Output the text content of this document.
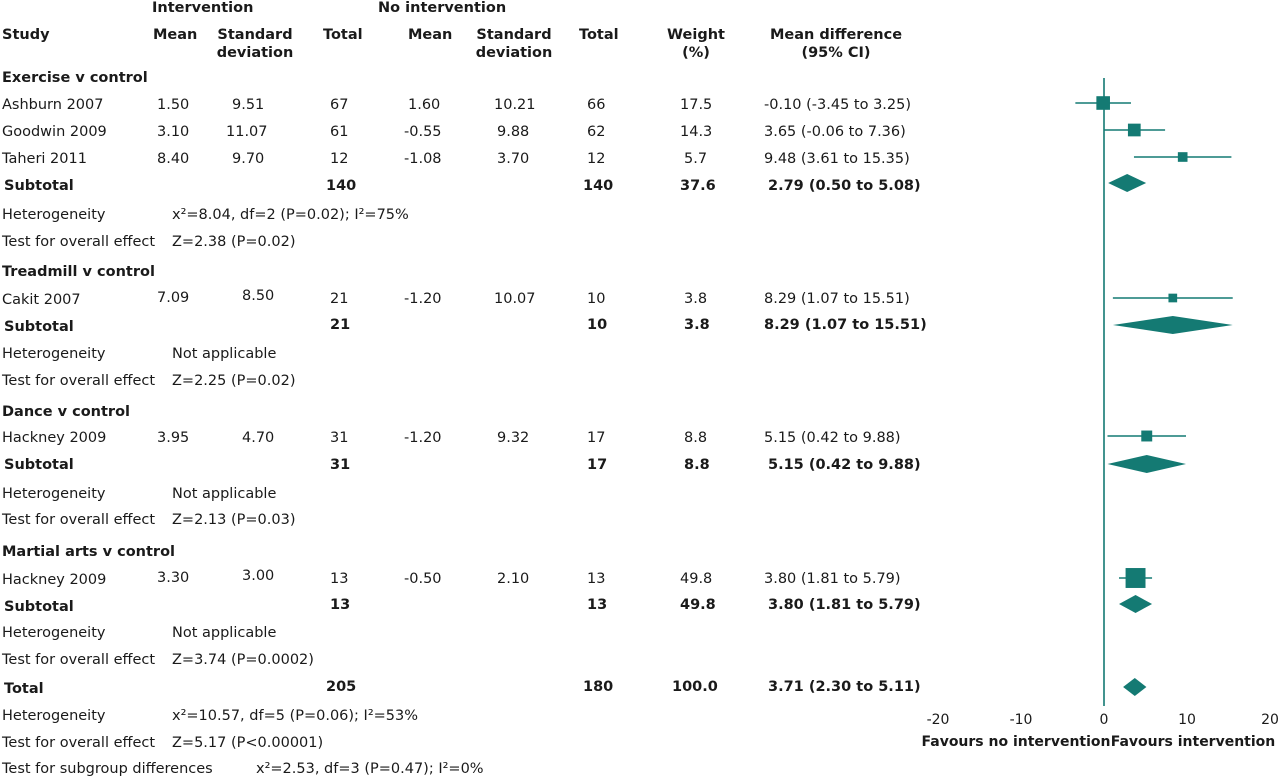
Intervention	No intervention
Study	Mean	Standard
deviation
Total	Mean	Standard
deviation
Total	Weight
(%)
Mean difference
(95% CI)
Exercise v control
Ashburn 2007	1.50	9.51	67	1.60	10.21	66	17.5	-0.10 (-3.45 to 3.25)
Goodwin 2009	3.10	11.07	61	-0.55	9.88	62	14.3	3.65 (-0.06 to 7.36)
Taheri 2011	8.40	9.70	12	-1.08	3.70	12	5.7	9.48 (3.61 to 15.35)
Subtotal	140	140	37.6	2.79 (0.50 to 5.08)
Heterogeneity	x²=8.04, df=2 (P=0.02); I²=75%
Test for overall effect Z=2.38 (P=0.02)
Treadmill v control
Cakit 2007	7.09	8.50	21	-1.20	10.07	10	3.8	8.29 (1.07 to 15.51)
Subtotal	21	10	3.8	8.29 (1.07 to 15.51)
Heterogeneity	Not applicable
Test for overall effect Z=2.25 (P=0.02)
Dance v control
Hackney 2009	3.95	4.70	31	-1.20	9.32	17	8.8	5.15 (0.42 to 9.88)
Subtotal	31	17	8.8	5.15 (0.42 to 9.88)
Heterogeneity	Not applicable
Test for overall effect Z=2.13 (P=0.03)
Martial arts v control
Hackney 2009	3.30	3.00	13	-0.50	2.10	13	49.8	3.80 (1.81 to 5.79)
Subtotal	13	13	49.8	3.80 (1.81 to 5.79)
Heterogeneity	Not applicable
Test for overall effect Z=3.74 (P=0.0002)
Total	205	180	100.0	3.71 (2.30 to 5.11)
Heterogeneity	x²=10.57, df=5 (P=0.06); I²=53%
Test for overall effect Z=5.17 (P<0.00001)
Test for subgroup differences	x²=2.53, df=3 (P=0.47); I²=0%
-20	-10	0	10	20
Favours no intervention Favours intervention
